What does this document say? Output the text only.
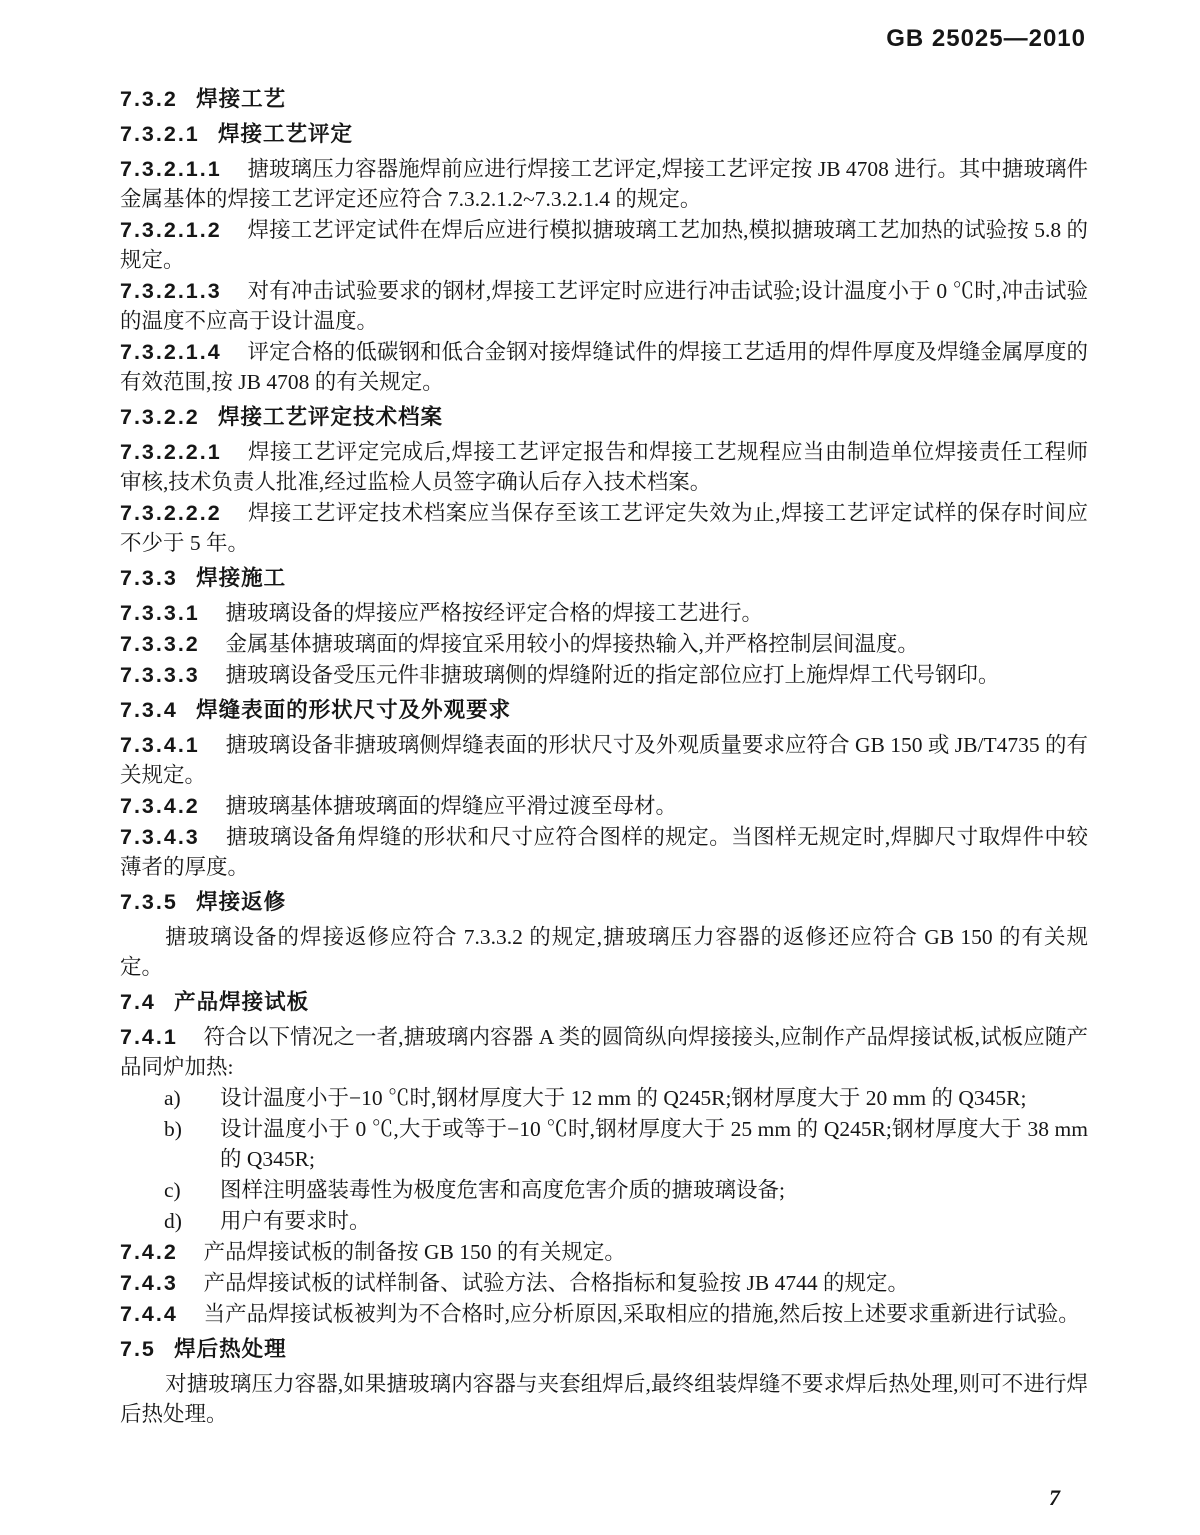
GB 25025—2010
7.3.2 焊接工艺
7.3.2.1 焊接工艺评定
7.3.2.1.1 搪玻璃压力容器施焊前应进行焊接工艺评定,焊接工艺评定按 JB 4708 进行。其中搪玻璃件金属基体的焊接工艺评定还应符合 7.3.2.1.2~7.3.2.1.4 的规定。
7.3.2.1.2 焊接工艺评定试件在焊后应进行模拟搪玻璃工艺加热,模拟搪玻璃工艺加热的试验按 5.8 的规定。
7.3.2.1.3 对有冲击试验要求的钢材,焊接工艺评定时应进行冲击试验;设计温度小于 0 ℃时,冲击试验的温度不应高于设计温度。
7.3.2.1.4 评定合格的低碳钢和低合金钢对接焊缝试件的焊接工艺适用的焊件厚度及焊缝金属厚度的有效范围,按 JB 4708 的有关规定。
7.3.2.2 焊接工艺评定技术档案
7.3.2.2.1 焊接工艺评定完成后,焊接工艺评定报告和焊接工艺规程应当由制造单位焊接责任工程师审核,技术负责人批准,经过监检人员签字确认后存入技术档案。
7.3.2.2.2 焊接工艺评定技术档案应当保存至该工艺评定失效为止,焊接工艺评定试样的保存时间应不少于 5 年。
7.3.3 焊接施工
7.3.3.1 搪玻璃设备的焊接应严格按经评定合格的焊接工艺进行。
7.3.3.2 金属基体搪玻璃面的焊接宜采用较小的焊接热输入,并严格控制层间温度。
7.3.3.3 搪玻璃设备受压元件非搪玻璃侧的焊缝附近的指定部位应打上施焊焊工代号钢印。
7.3.4 焊缝表面的形状尺寸及外观要求
7.3.4.1 搪玻璃设备非搪玻璃侧焊缝表面的形状尺寸及外观质量要求应符合 GB 150 或 JB/T4735 的有关规定。
7.3.4.2 搪玻璃基体搪玻璃面的焊缝应平滑过渡至母材。
7.3.4.3 搪玻璃设备角焊缝的形状和尺寸应符合图样的规定。当图样无规定时,焊脚尺寸取焊件中较薄者的厚度。
7.3.5 焊接返修
搪玻璃设备的焊接返修应符合 7.3.3.2 的规定,搪玻璃压力容器的返修还应符合 GB 150 的有关规定。
7.4 产品焊接试板
7.4.1 符合以下情况之一者,搪玻璃内容器 A 类的圆筒纵向焊接接头,应制作产品焊接试板,试板应随产品同炉加热:
a)	设计温度小于−10 ℃时,钢材厚度大于 12 mm 的 Q245R;钢材厚度大于 20 mm 的 Q345R;
b)	设计温度小于 0 ℃,大于或等于−10 ℃时,钢材厚度大于 25 mm 的 Q245R;钢材厚度大于 38 mm 的 Q345R;
c)	图样注明盛装毒性为极度危害和高度危害介质的搪玻璃设备;
d)	用户有要求时。
7.4.2 产品焊接试板的制备按 GB 150 的有关规定。
7.4.3 产品焊接试板的试样制备、试验方法、合格指标和复验按 JB 4744 的规定。
7.4.4 当产品焊接试板被判为不合格时,应分析原因,采取相应的措施,然后按上述要求重新进行试验。
7.5 焊后热处理
对搪玻璃压力容器,如果搪玻璃内容器与夹套组焊后,最终组装焊缝不要求焊后热处理,则可不进行焊后热处理。
7
